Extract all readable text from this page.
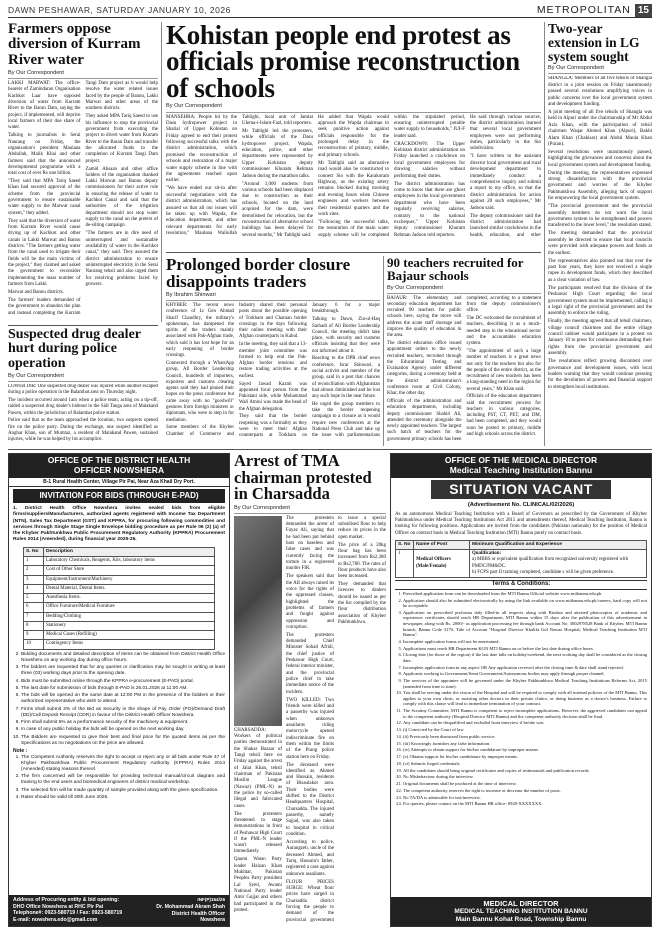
DAWN PESHAWAR, SATURDAY JANUARY 10, 2026	METROPOLITAN 15
Farmers oppose diversion of Kurram River water
By Our Correspondent

LAKKI MARWAT: The office-bearers of Zamindaran Organisation Kachkot Laar have opposed diversion of water from Kurram River to the Baran Dam, saying the project, if implemented, will deprive local farmers of their due share of water.

Talking to journalists in Serai Naurang on Friday, the organisation's president Maulana Abdullah, Malik Khai and other farmers said that the announced developmental programme with a total cost of over Rs one billion.

"They said that MPA Tariq Saeed Khan had secured approval of the scheme from the provincial government to ensure sustainable water supply to the Marwat canal system," they added.

They said that the diversion of water from Kurram River would cause drying up of Kachkot and other canals in Lakki Marwat and Bannu districts. "The farmers getting water from the canal used to irrigate their fields will be the main victims of the project," they claimed and asked the government to reconsider implementing the mass number of farmers from Lakki

Marwat and Bannu districts.

The farmers' leaders demanded of the government to abandon the plan and instead completing the Kurram Tangi Dam project as it would help resolve the water related issues faced by the people of Bannu, Lakki Marwat and other areas of the southern districts.

They asked MPA Tariq Saeed to use his influence to stop the provincial government from executing the project to divert water from Kurram River to the Baran Dam and transfer the allocated funds to the completion of Kurram Tangi Dam project.

Zamid Ahsaan and other office holders of the organisation thanked Lakki Marwat and Bannu deputy commissioners for their active role in ensuring the release of water to Kachkot Canal and said that the authorities of the irrigation department should not stop water supply to the canal on the pretext of de-silting campaign.

"The farmers are in dire need of uninterrupted and sustainable availability of water in the Kachkot canal," they said. They assured the district administration to ensure uninterrupted electricity in the Serai Naurang tehsil and also urged them for resolving problems faced by growers.

Kohistan people end protest as officials promise reconstruction of schools
By Our Correspondent

MANSEHRA: People hit by the Dasu hydropower project in Shatial of Upper Kohistan on Friday agreed to end their protest following successful talks with the district administration, which promised the reconstruction of schools and restoration of a major water supply scheme in line with the agreements reached upon earlier.

"We have ended our sit-in after successful negotiations with the district administration, which has assured us that all our issues will be taken up with Wapda, the education department, and other relevant departments for early resolution," Maulana Waliullah Tablighi, local unit of Jamiat Ulema-i-Islam-Fazl, told reporters.

Mr Tablighi led the protesters, while officials of the Dasu hydropower project, Wapda, education, police, and other departments were represented by Upper Kohistan deputy commissioner Khuram Rehman Jadoon during the marathon talks.

"Around 1,000 students from various schools had been displaced due to construction as their schools, located on the land acquired for the dam, were demolished for relocation, but the reconstruction of alternative school buildings has been delayed for several months," Mr Tablighi said.

He added that Wapda would approach the Wapda chairman to seek punitive action against officials responsible for the prolonged delay in the reconstruction of primary, middle, and primary schools.

Mr Tablighi said an alternative road would also be constructed to connect Sio with the Karakoram Highway, as the existing artery remains blocked during morning and evening hours when Chinese engineers and workers between their residential quarters and the work sites.

"Following the successful talks, the restoration of the main water supply scheme will be completed within the stipulated period, ensuring uninterrupted potable water supply to households," JUI-F leader said.

CRACKDOWN: The Upper Kohistan district administration on Friday launched a crackdown on local government employees for drawing salaries without performing their duties.

The district administration has come to know that there are ghost employees in the local government department who have been regularly receiving salaries, contrary to the national exchequer," Upper Kohistan deputy commissioner Khuram Rehman Jadoon told reporters.

He said through various sources, the district administration learned that several local government employees were not performing duties, particularly in the Sio subdivision.

"I have written to the assistant director local government and rural development department to immediately conduct a comprehensive inquiry and submit a report to my office, so that the district administration for action against 20 such employees," Mr Jadoon said.

The deputy commissioner said the district administration had launched similar crackdowns in the health, education, and other

Two-year extension in LG system sought
By Our Correspondent

SHANGLA: Members of all five tehsils of Shangla district in a joint session on Friday unanimously passed several resolutions amplifying voices in public concerns over the local government system and development funding.

A joint meeting of all five tehsils of Shangla was held in Alpuri under the chairmanship of Mr Abdul Aziz Khan, with the participation of tehsil chairmen Waqar Ahmed Khan (Alpuri), Bakht Alam Khan (Chakisar) and Abdul Maula Khan (Puran).

Several resolutions were unanimously passed, highlighting the grievances and concerns about the local government system and development funding.

During the meeting, the representatives expressed strong dissatisfaction with the provincial government and worries of the Khyber Pakhtunkhwa Assembly, alleging lack of support for empowering the local government system.

"The provincial government and the provincial assembly members do not want the local government system to be strengthened and powers transferred to the lower level," the resolution stated.

The meeting demanded that the provincial assembly be directed to ensure that local councils were provided with adequate powers and funds at the earliest.

The representatives also pointed out that over the past four years, they have not received a single rupee in development funds, which they described as a clear violation of law.

The participants resolved that the division of the Peshawar High Court regarding the local government system must be implemented, calling it a legal right of the provincial government and the assembly to enforce the ruling.

Finally, the meeting agreed that all tehsil chairmen, village council chairmen and the entire village council cabinet would participate in a protest on January 10 to press for continuous demanding their rights from the provincial government and assembly.

The resolutions reflect growing discontent over governance and development issues, with local leaders warning that they would continue pressing for the devolution of powers and financial support to strengthen local institutions.

Prolonged border closure disappoints traders
By Ibrahim Shinwari

KHYBER: The recent news conference of Lt Gen Ahmad Sharif Chaudhry, the military's spokesman, has dampened the spirits of the traders mainly associated with Pak-Afghan trade, which said it has lost hope for an early reopening of border crossings.

Connected through a WhatsApp group, All Border Leadership Council, hundreds of importers, exporters and customs clearing agents said they had pinned their hopes on the press conference but came away with no "goodwill" gestures from foreign ministers or diplomats, who were to step in for mediation.

Some members of the Khyber Chamber of Commerce and Industry shared their personal posts about the possible opening of Torkham and Chaman border crossings in the days following their online meeting with their Afghan counterparts in Kabul.

In the meeting, they said that a 13-member joint committee was formed to help end the Pak-Afghan border tensions and restore trading activities at the earliest.

Sayed Jawad Kazmi was appointed focal person from the Pakistani side, while Mohammad Wali Amini was made the head of the Afghan delegation.

They said that the border reopening was a formality as they were to meet their Afghan counterparts at Torkham on January 6 for a major breakthrough.

Talking to Dawn, Zia-ul-Haq Sarhadi of All Border Leadership Council, the meeting didn't take place, with security and customs officials insisting that they were not informed about it.

Reacting to the DPR chief news conference, Israr Shinwari, a social activist and member of the group, said in a post that chances of reconciliation with Afghanistan had almost diminished and he lost any such hope in the near future.

He urged the group members to take the border reopening campaign to a closure as it would require new conferences at the National Press Club and take up the issue with parliamentarians

90 teachers recruited for Bajaur schools
By Our Correspondent

BAJAUR: The elementary and secondary education department has recruited 90 teachers for public schools here, saying the move will address the acute staff shortage and improve the quality of education in the area.

The district education office issued appointment orders to the newly recruited teachers, recruited through the Educational Testing and Evaluation Agency under different categories, during a ceremony held at the district administration's conference room at Civil Colony, Khar, the other day.

Officials of the administration and education departments, including deputy commissioner Shahid Ali, attended the ceremony alongside the newly appointed teachers. The largest such batch of teachers for the government primary schools has been completed, according to a statement from the deputy commissioner's office.

The DC welcomed the recruitment of teachers, describing it as a much-needed step in the educational sector and the accountable education system.

"The appointment of such a large number of teachers is a great news not only for the teachers but also for the people of the entire district, as the recruitment of new teachers has been a long-standing need in the region for several years," Mr Khan said.

Officials of the education department said the recruitment process for teachers in various categories, including PST, CT, PET, and DM, had been completed, and they would soon be posted to primary, middle and high schools across the district.

Suspected drug dealer hurt during police operation
By Our Correspondent

LOWER DIR: One suspected drug dealer was injured while another escaped during a police operation in the Balambat area on Thursday night.

The incident occurred around 1am when a police team, acting on a tip-off, raided a suspected drug dealer's hideout in the Sidi Tanga area of Malakand Pawen, within the jurisdiction of Balambat police station.

Police said that as the team approached the location, two suspects opened fire on the police party. During the exchange, one suspect identified as Anghar Khan, son of Mumtaz, a resident of Malakand Pawen, sustained injuries, while he was helped by his accomplice.

OFFICE OF THE DISTRICT HEALTH
OFFICER NOWSHERA
B-1 Rural Health Center, Village Pir Pai, Near Aza Khail Dry Port.
INVITATION FOR BIDS (THROUGH E-PAD)
1. District Health Office Nowshera invites sealed bids from eligible firms/suppliers/Manufacturers, authorized agents registered with Income Tax Department (NTN), Sales Tax Department (GST) and KPPRA, for procuring following commodities and services through Single Stage Single Envelope bidding procedure as per Rule 06 (2) (a) of the Khyber Pakhtunkhwa Public Procurement Regulatory Authority (KPPRA) Procurement Rules 2014 (Amended), during financial year 2025-26.
S. No	Description
1	Laboratory Chemicals, Reagents, Kits, laboratory items
2	Cost of Other Store
3	Equipment/Instrument/Machinery
4	Dental Material, Dental Items.
5	Anesthesia Items.
6	Office Furniture/Medical Furniture
7	Bedding/Clothing
8	Stationery
9	Medical Gases (Refilling)
10	Contingency Items
2. Bidding documents and detailed description of items can be obtained from District Health Office Nowshera on any working day during office hours.
3. The bidders are requested that for any queries or clarification may be sought in writing at least three (03) working days prior to the opening date.
4. Bids must be submitted online through the KPPRA e-procurement (E-PAD) portal.
5. The last date for submission of bids through E-PAD is 26.01.2026 at 11:00 AM.
6. The bids will be opened on the same date at 12:00 PM in the presence of the bidders or their authorized representative who wish to attend.
7. Firms shall submit 2% of the Bid as Security in the shape of Pay Order (PO)/Demand Draft (DD)/Call Deposit Receipt (CDR) in favour of the District Health Officer Nowshera.
8. Firm shall submit 5% as a performance security of the machinery & equipment.
9. In case of any public holiday the bids will be opened on the next working day.
10. The Bidders are requested to give their best and final price for the quoted items as per the Specifications as no negotiations on the price are allowed.
Note :
1. The Competent Authority reserves the right to accept or reject any or all bids under Rule 47 of Khyber Pakhtunkhwa Public Procurement Regulatory Authority (KPPRA) Rules 2014 (Amended) stating reasons thereof.
2. The firm concerned will be responsible for providing technical manual/circuit diagram and training to the end users and biomedical engineers of district medical workshop.
3. The selected firm will be made quantity of sample provided along with the given specification.
4. Rates should be valid till 30th June 2026.
Address of Procuring entity & bid opening:
DHO Office Nowshera at RHC Pir Pai
Telephone#: 0923-580719 / Fax: 0923-580719
E-mail: nowshera.edo@gmail.com
INF(P)154/26
Dr. Mohammad Akram Shah
District Health Officer
Nowshera
Arrest of TMA chairman protested in Charsadda
By Our Correspondent

CHARSADDA: Workers of political parties demonstrated in the Shakar Bazaar of Tangi tehsil here on Friday against the arrest of Jalat Khan, tehsil chairman of Pakistan Muslim League (Nawaz) (PML-N) as the police by so-called illegal and fabricated cases.

The protesters threatened to stage demonstrations in front of Peshawar High Court if the PML-N leader wasn't released immediately.

Qaumi Watan Party leader Haizan Khan Mukhtar, Pakistan Peoples Party president Lal Syed, Awami National Party leader Amir Gujjar and others had participated in the protest.

The protesters demanded the arrest of Fayaz Ali, saying that he had been put behind bars on baseless and false cases and was currently facing the torture in a registered murder FIR.

The speakers said that the AII always raised its voice for the rights of the oppressed classes, highlighted the problems of farmers and fought against oppression and corruption.

The protesters demanded Chief Minister Sohail Afridi, the chief justice of Peshawar High Court, federal interior minister, and the provincial police chief to take immediate notice of the incident.

TWO KILLED: Two friends were killed and a passerby was injured when unknown assailants riding motorcycle opened indiscriminate fire on them within the limits of the Prang police station here on Friday.

The deceased were identified as Ahmed and Hussain, residents of Bisaulakot area. Their bodies were shifted to the District Headquarters Hospital, Charsadda. The injured passerby, namely Sajjad, was also taken to hospital in critical condition.

According to police, Aurangzeb, uncle of the deceased Ahmed, and Tariq, Hussain's father, registered a case against unknown assailants.

FLOUR PRICES SURGE: Wheat flour prices have surged in Charsadda district forcing the people to demand of the provincial government to issue a special subsidised flour to help reduce its prices in the open market.

The price of a 20kg flour bag has been increased from Rs2,380 to Rs2,780. The rates of flour products have also been increased.

They demanded that licences to dealers should be issued as per the list compiled by the flour distribution association of Khyber Pakhtunkhwa.

OFFICE OF THE MEDICAL DIRECTOR
Medical Teaching Institution Bannu
SITUATION VACANT
(Advertisement No. CLINICAL/02/2026)
As an autonomous Medical Teaching Institution with a Board of Governors as prescribed by the Government of Khyber Pakhtunkhwa under Medical Teaching Institutions Act 2015 and amendments thereof, Medical Teaching Institution, Bannu is looking for following positions. Applications are invited from the candidates (Pakistan nationals) for the position of Medical Officer on contract basis in Medical Teaching Institution (MTI) Bannu purely on contract basis.
S. No	Name of Post	Minimum Qualification and Experience
1	Medical Officers (Male/Female)	Qualification:
a) MBBS or equivalent qualification from recognized university registered with PMDC/PM&DC.
b) FCPS part II training completed, candidate s will be given preference.
Terms & Conditions:
1. Prescribed application form can be downloaded from the MTI Bannu Official website www.mtibannu.edu.pk
2. Application should also be submitted electronically by using the link available on www.mtibannu.edu.pk/careers, hard copy will not be acceptable.
3. Application on prescribed proforma duly filled-in all respects along with Biodata and attested photocopies of academic and experience certificates should reach HR Department, MTI Bannu within 15 days after the publication of this advertisement in newspaper, along with Rs. 2000/- as application processing fee through bank Account No. 3002978528 Bank of Khyber, MTI Bannu branch, Bannu Code 3170, Title of Account "Hospital Director Khalifa Gul Nawaz Hospital, Medical Teaching Institution MTI Bannu".
4. Incomplete application forms will not be entertained.
5. Applications must reach HR Department KGN MTI Bannu on or before the last date during office hours.
6. Closing date (for those of the region) if the last date falls on holiday/weekend, the next working day shall be considered as the closing date.
7. Incomplete application form in any aspect OR Any application received after the closing time & date shall stand rejected.
8. Applicants working in Government/Semi Government/Autonomous bodies may apply through proper channel.
9. The services of the appointee will be governed under the Khyber Pakhtunkhwa Medical Teaching Institutions Reforms Act, 2015 (amended from time to time).
10. You shall be serving under the vision of the Hospital and will be required to comply with all internal policies of the MTI Bannu. This applies to your own clinic, or assisting other doctors in their private clinics, or doing business as a doctor's business. Failure to comply with this clause will lead to immediate termination of your contract.
11. The Scrutiny Committee, MTI Bannu is competent to reject incomplete applications. However, the aggrieved candidates can appeal to the competent authority (Hospital Director MTI Bannu) and the competent authority decision shall be final.
12. Any candidate can be disqualified and excluded from interview if he/she was:
13. (i) Convicted by the Court of law
14. (ii) Previously been dismissed from public service.
15. (iii) Knowingly furnishes any false information.
16. (iv) Attempts to obtain support for his/her candidature by improper means.
17. (v) Obtains support for his/her candidature by improper means.
18. (vi) Submits forged credentials.
19. All the candidates should bring original certificates and copies of testimonials and publication records.
20. No Misbehaviour during the interview.
21. Original documents shall be produced at the time of interview.
22. The competent authority reserves the right to increase or decrease the number of posts.
23. No TA/DA is admissible for test/interview.
24. For queries, please contact on the MTI Bannu HR office: 0928-XXXXXXX.
MEDICAL DIRECTOR
MEDICAL TEACHING INSTITUTION BANNU
Main Bannu Kohat Road, Township Bannu
